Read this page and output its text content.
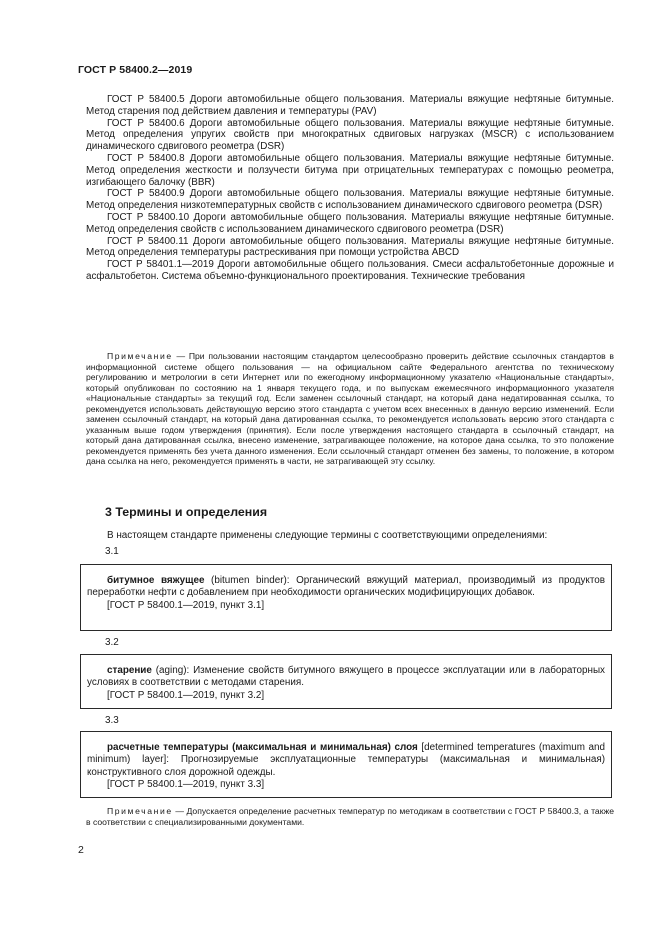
ГОСТ Р 58400.2—2019

ГОСТ Р 58400.5 Дороги автомобильные общего пользования. Материалы вяжущие нефтяные битумные. Метод старения под действием давления и температуры (PAV)

ГОСТ Р 58400.6 Дороги автомобильные общего пользования. Материалы вяжущие нефтяные битумные. Метод определения упругих свойств при многократных сдвиговых нагрузках (MSCR) с использованием динамического сдвигового реометра (DSR)

ГОСТ Р 58400.8 Дороги автомобильные общего пользования. Материалы вяжущие нефтяные битумные. Метод определения жесткости и ползучести битума при отрицательных температурах с помощью реометра, изгибающего балочку (BBR)

ГОСТ Р 58400.9 Дороги автомобильные общего пользования. Материалы вяжущие нефтяные битумные. Метод определения низкотемпературных свойств с использованием динамического сдвигового реометра (DSR)

ГОСТ Р 58400.10 Дороги автомобильные общего пользования. Материалы вяжущие нефтяные битумные. Метод определения свойств с использованием динамического сдвигового реометра (DSR)

ГОСТ Р 58400.11 Дороги автомобильные общего пользования. Материалы вяжущие нефтяные битумные. Метод определения температуры растрескивания при помощи устройства ABCD

ГОСТ Р 58401.1—2019 Дороги автомобильные общего пользования. Смеси асфальтобетонные дорожные и асфальтобетон. Система объемно-функционального проектирования. Технические требования

Примечание — При пользовании настоящим стандартом целесообразно проверить действие ссылочных стандартов в информационной системе общего пользования — на официальном сайте Федерального агентства по техническому регулированию и метрологии в сети Интернет или по ежегодному информационному указателю «Национальные стандарты», который опубликован по состоянию на 1 января текущего года, и по выпускам ежемесячного информационного указателя «Национальные стандарты» за текущий год. Если заменен ссылочный стандарт, на который дана недатированная ссылка, то рекомендуется использовать действующую версию этого стандарта с учетом всех внесенных в данную версию изменений. Если заменен ссылочный стандарт, на который дана датированная ссылка, то рекомендуется использовать версию этого стандарта с указанным выше годом утверждения (принятия). Если после утверждения настоящего стандарта в ссылочный стандарт, на который дана датированная ссылка, внесено изменение, затрагивающее положение, на которое дана ссылка, то это положение рекомендуется применять без учета данного изменения. Если ссылочный стандарт отменен без замены, то положение, в котором дана ссылка на него, рекомендуется применять в части, не затрагивающей эту ссылку.

3 Термины и определения

В настоящем стандарте применены следующие термины с соответствующими определениями:

3.1

битумное вяжущее (bitumen binder): Органический вяжущий материал, производимый из продуктов переработки нефти с добавлением при необходимости органических модифицирующих добавок.

[ГОСТ Р 58400.1—2019, пункт 3.1]

3.2

старение (aging): Изменение свойств битумного вяжущего в процессе эксплуатации или в лабораторных условиях в соответствии с методами старения.

[ГОСТ Р 58400.1—2019, пункт 3.2]

3.3

расчетные температуры (максимальная и минимальная) слоя [determined temperatures (maximum and minimum) layer]: Прогнозируемые эксплуатационные температуры (максимальная и минимальная) конструктивного слоя дорожной одежды.

[ГОСТ Р 58400.1—2019, пункт 3.3]

Примечание — Допускается определение расчетных температур по методикам в соответствии с ГОСТ Р 58400.3, а также в соответствии с специализированными документами.

2
